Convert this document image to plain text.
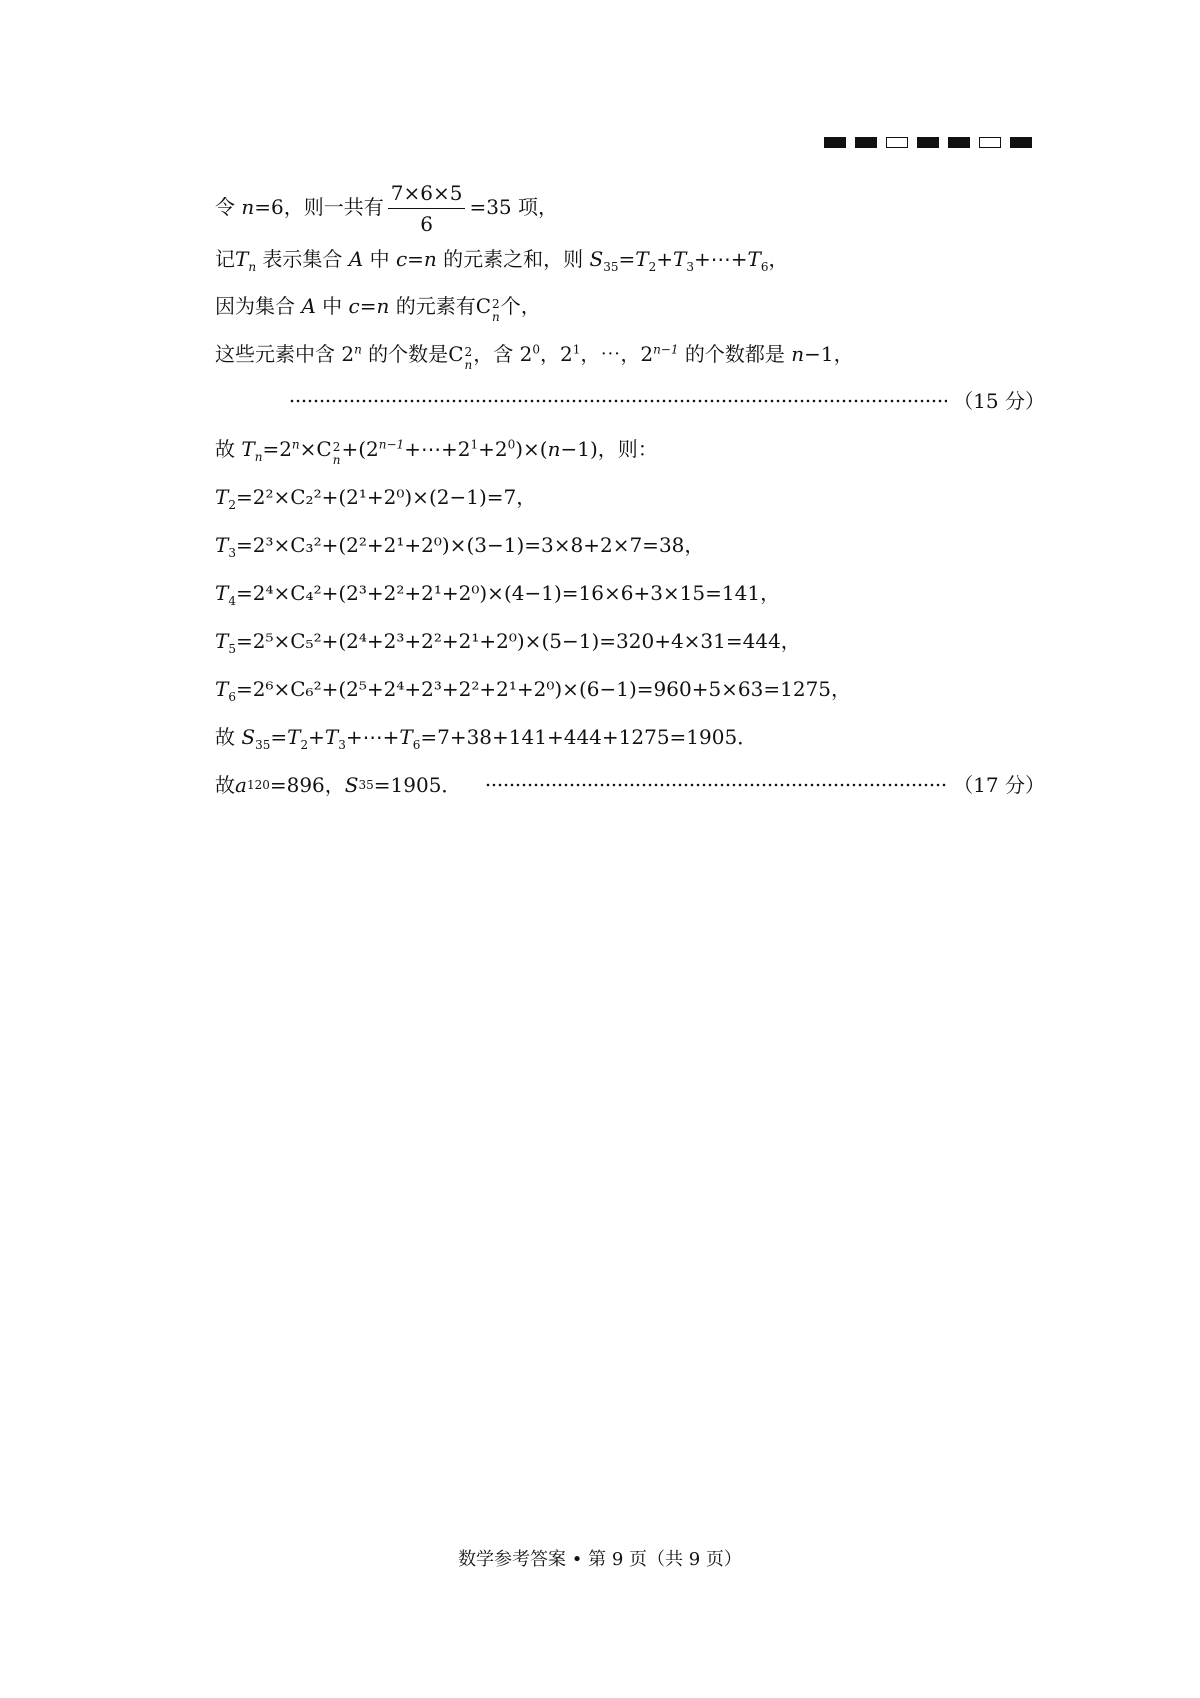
令 n=6，则一共有 $\frac{7\times 6\times 5}{6} =35$ 项，
记$T_n$ 表示集合 A 中 c=n 的元素之和，则 $S_{35}=T_2+T_3+\cdots+T_6$，
因为集合 A 中 c=n 的元素有C 2
n 个，
这些元素中含 2$^n$ 的个数是C 2
n ，含 $2^0$，$2^1$，⋯，$2^{n-1}$ 的个数都是 n−1，
（15 分）
故 $T_n=2^n\times C$ 2
$n +(2^{n-1}+\cdots+2^1+2^0)\times(n-1)$，则：
$T_2=2^2\times C_2^2+(2^1+2^0)\times(2-1)=7$，
$T_3=2^3\times C_3^2+(2^2+2^1+2^0)\times(3-1)=3\times 8+2\times 7=38$，
$T_4=2^4\times C_4^2+(2^3+2^2+2^1+2^0)\times(4-1)=16\times 6+3\times 15=141$，
$T_5=2^5\times C_5^2+(2^4+2^3+2^2+2^1+2^0)\times(5-1)=320+4\times 31=444$，
$T_6=2^6\times C_6^2+(2^5+2^4+2^3+2^2+2^1+2^0)\times(6-1)=960+5\times 63=1275$，
故 $S_{35}=T_2+T_3+\cdots+T_6=7+38+141+444+1275=1905$．
故 a 120 =896， S 35 =1905．	（17 分）
数学参考答案 • 第 9 页（共 9 页）
